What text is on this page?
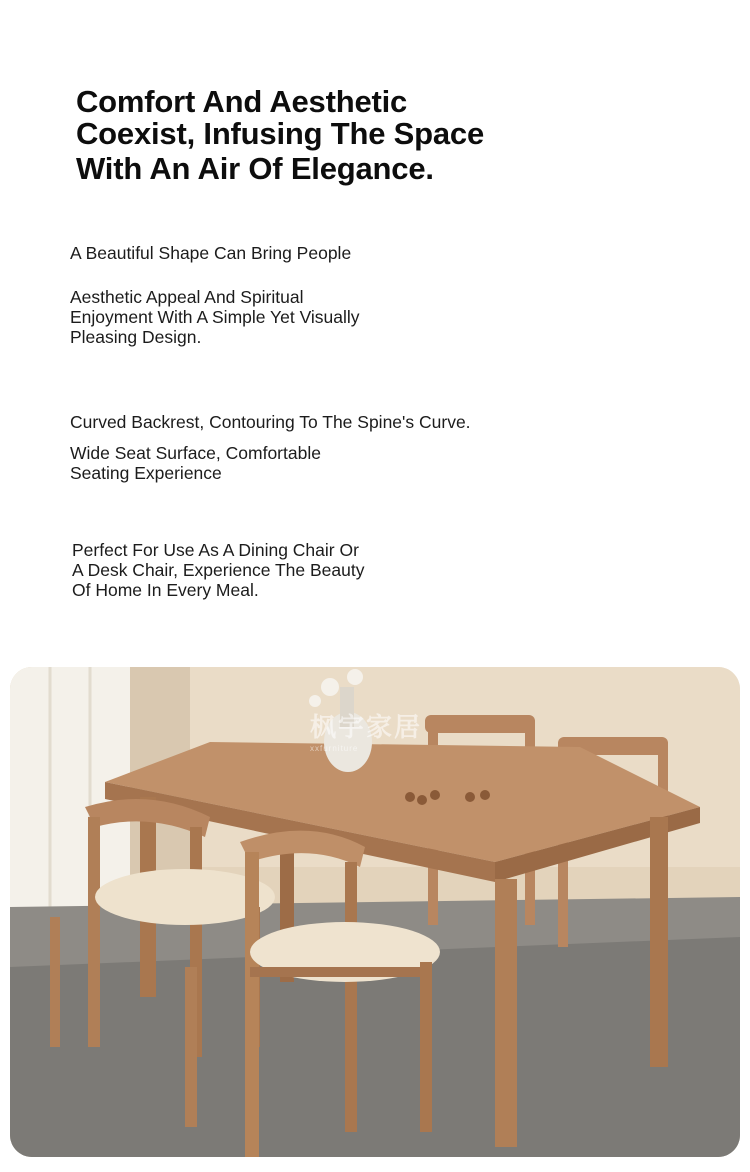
Comfort And Aesthetic
Coexist, Infusing The Space
With An Air Of Elegance.
A Beautiful Shape Can Bring People
Aesthetic Appeal And Spiritual
Enjoyment With A Simple Yet Visually
Pleasing Design.
Curved Backrest, Contouring To The Spine's Curve.
Wide Seat Surface, Comfortable
Seating Experience
Perfect For Use As A Dining Chair Or
A Desk Chair, Experience The Beauty
Of Home In Every Meal.
枫宇家居
xxfurniture
